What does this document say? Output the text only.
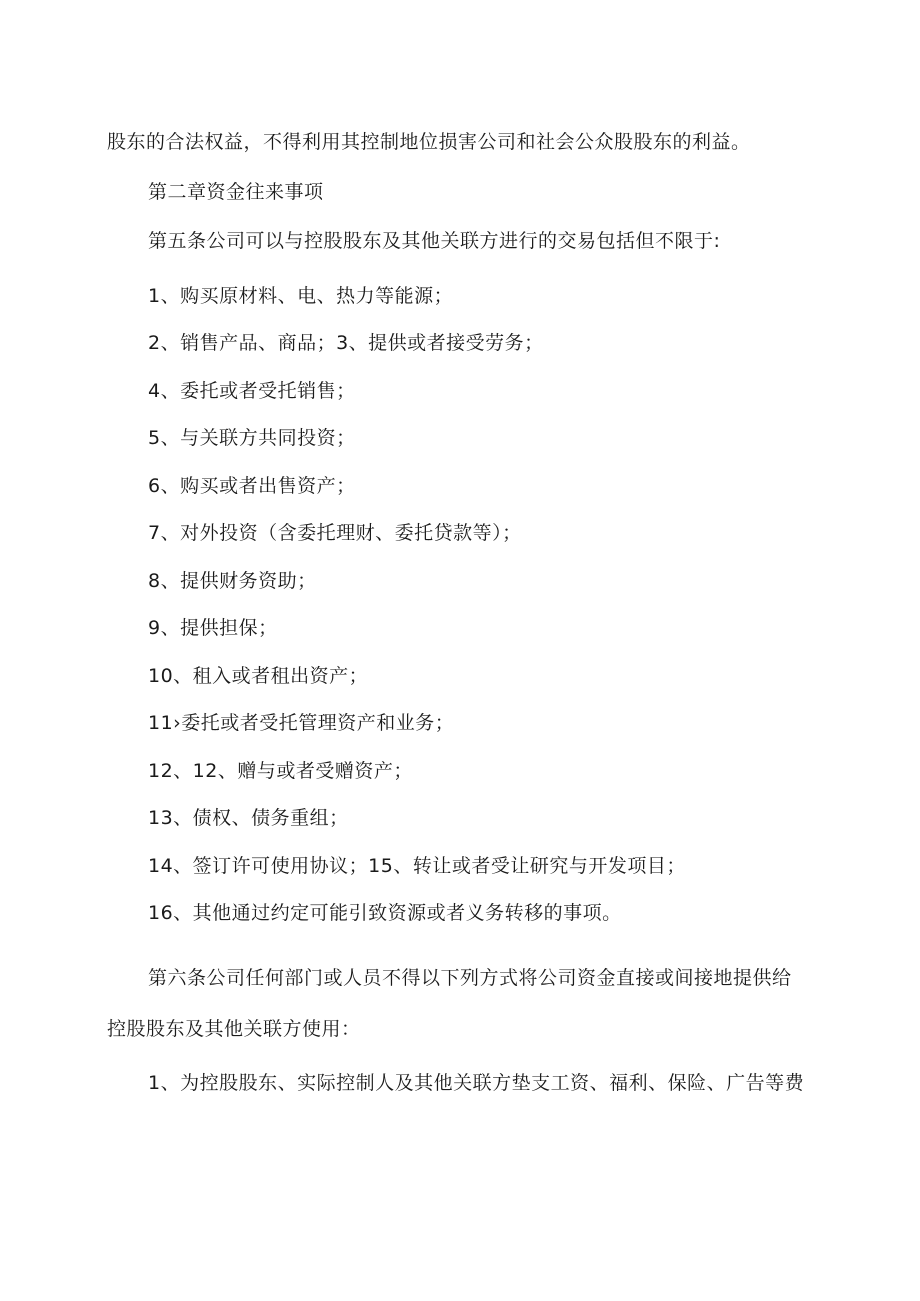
股东的合法权益，不得利用其控制地位损害公司和社会公众股股东的利益。
第二章资金往来事项
第五条公司可以与控股股东及其他关联方进行的交易包括但不限于:
1、购买原材料、电、热力等能源；
2、销售产品、商品；3、提供或者接受劳务；
4、委托或者受托销售；
5、与关联方共同投资；
6、购买或者出售资产；
7、对外投资（含委托理财、委托贷款等）；
8、提供财务资助；
9、提供担保；
10、租入或者租出资产；
11›委托或者受托管理资产和业务；
12、12、赠与或者受赠资产；
13、债权、债务重组；
14、签订许可使用协议；15、转让或者受让研究与开发项目；
16、其他通过约定可能引致资源或者义务转移的事项。
第六条公司任何部门或人员不得以下列方式将公司资金直接或间接地提供给
控股股东及其他关联方使用：
1、为控股股东、实际控制人及其他关联方垫支工资、福利、保险、广告等费
